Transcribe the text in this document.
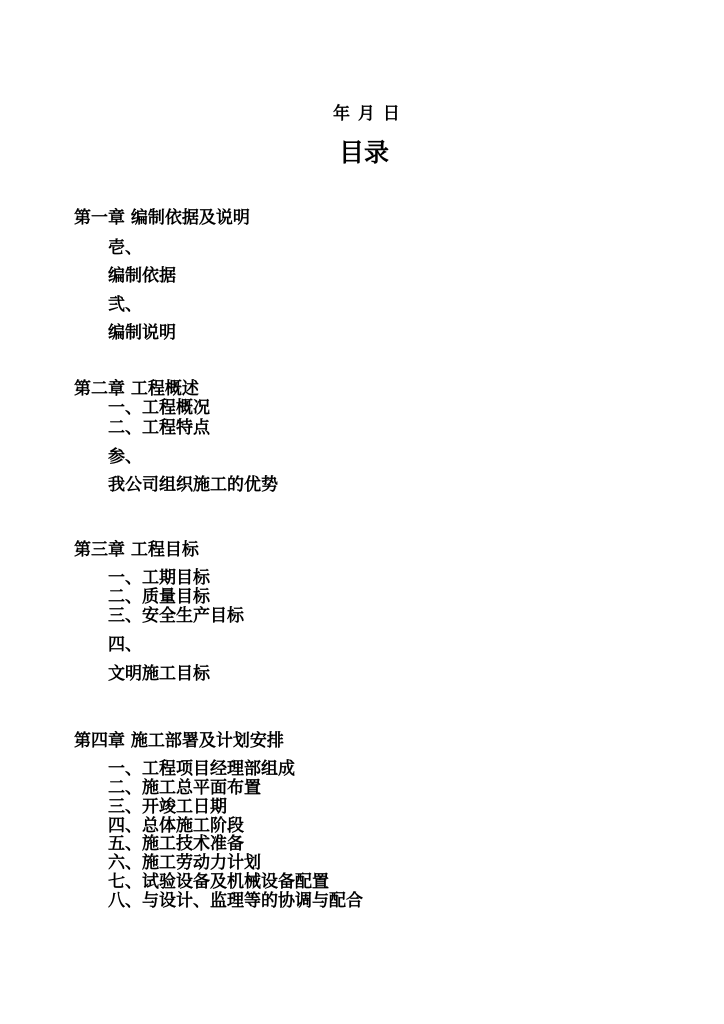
年 月 日
目录
第一章 编制依据及说明
壱、
编制依据
弐、
编制说明
第二章 工程概述
一、工程概况
二、工程特点
参、
我公司组织施工的优势
第三章 工程目标
一、工期目标
二、质量目标
三、安全生产目标
四、
文明施工目标
第四章 施工部署及计划安排
一、工程项目经理部组成
二、施工总平面布置
三、开竣工日期
四、总体施工阶段
五、施工技术准备
六、施工劳动力计划
七、试验设备及机械设备配置
八、与设计、监理等的协调与配合
